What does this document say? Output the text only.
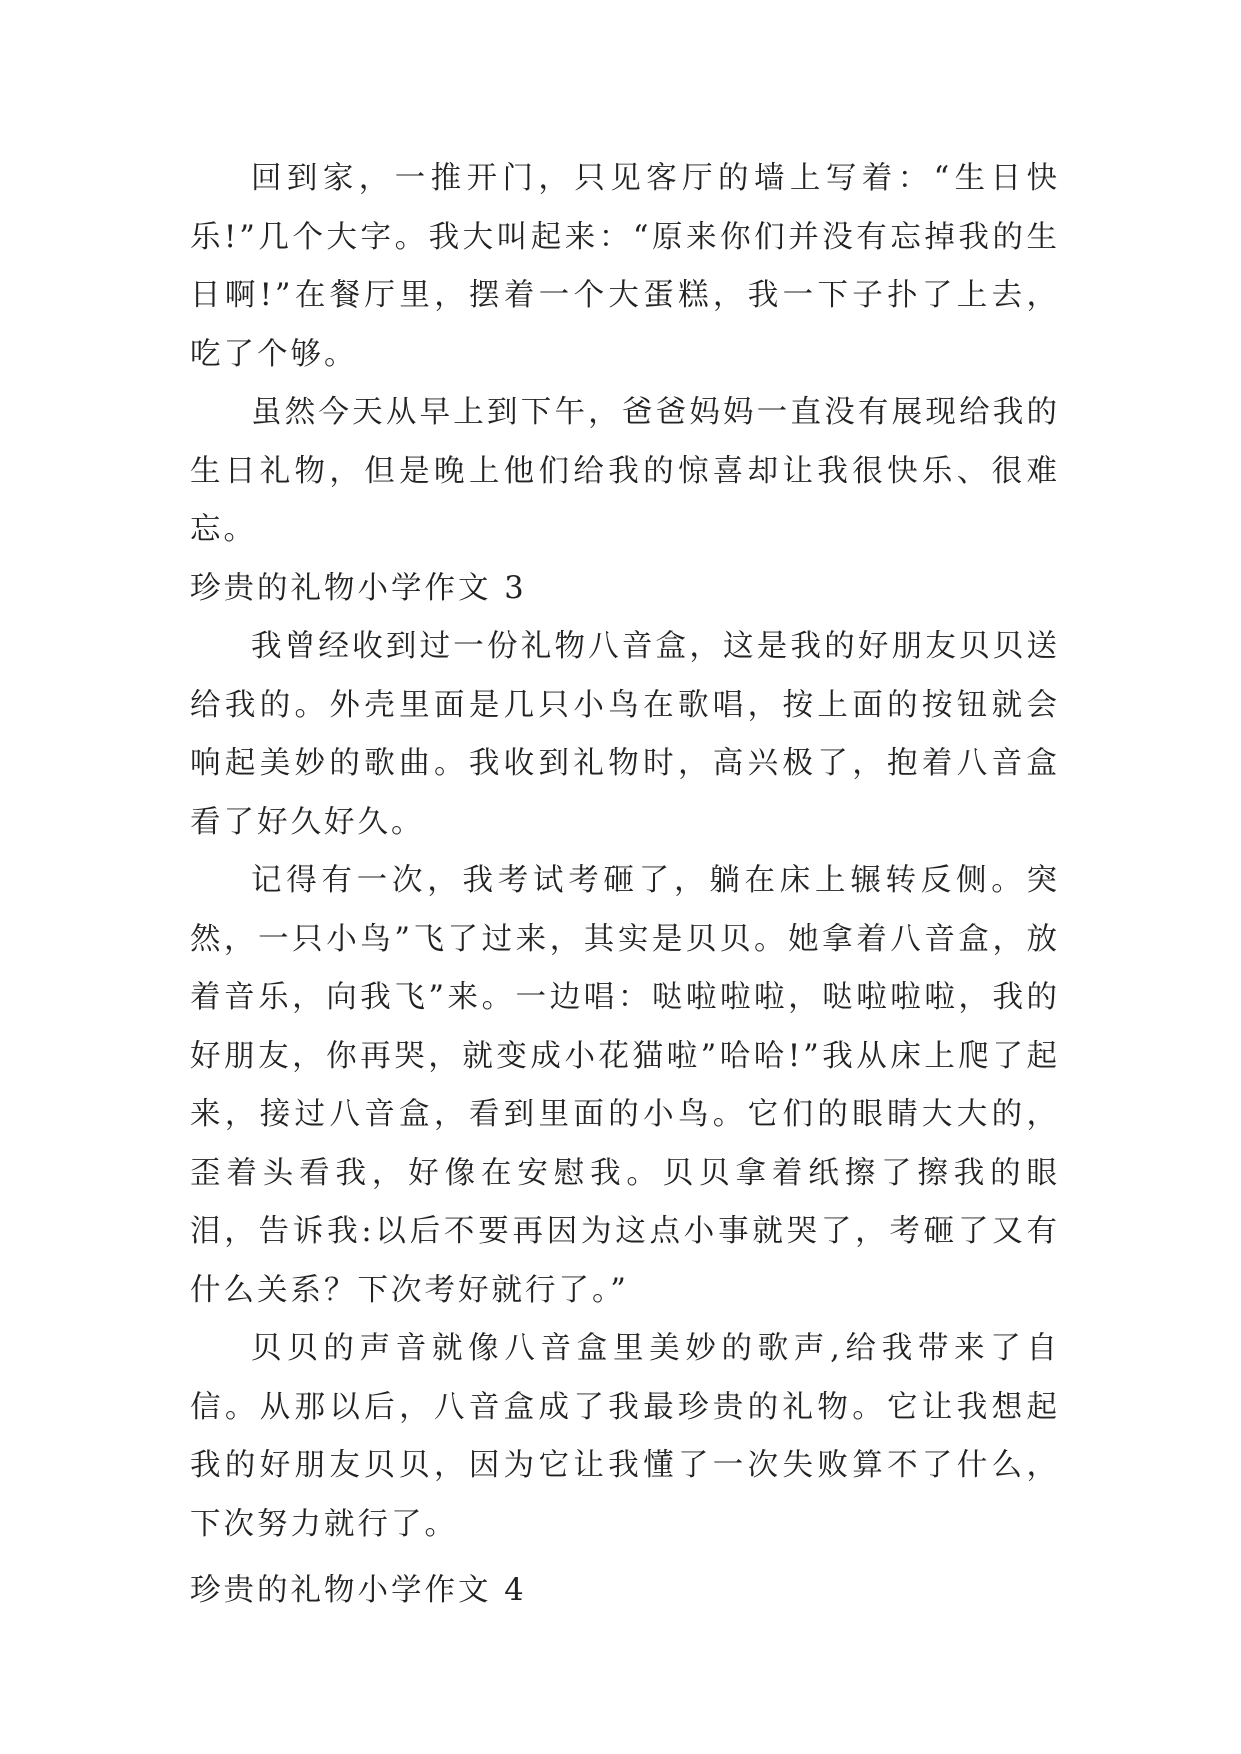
回到家，一推开门，只见客厅的墙上写着：“生日快乐!”几个大字。我大叫起来：“原来你们并没有忘掉我的生日啊!”在餐厅里，摆着一个大蛋糕，我一下子扑了上去，吃了个够。

虽然今天从早上到下午，爸爸妈妈一直没有展现给我的生日礼物，但是晚上他们给我的惊喜却让我很快乐、很难忘。

珍贵的礼物小学作文 3

我曾经收到过一份礼物八音盒，这是我的好朋友贝贝送给我的。外壳里面是几只小鸟在歌唱，按上面的按钮就会响起美妙的歌曲。我收到礼物时，高兴极了，抱着八音盒看了好久好久。

记得有一次，我考试考砸了，躺在床上辗转反侧。突然，一只小鸟”飞了过来，其实是贝贝。她拿着八音盒，放着音乐，向我飞”来。一边唱：哒啦啦啦，哒啦啦啦，我的好朋友，你再哭，就变成小花猫啦”哈哈!”我从床上爬了起来，接过八音盒，看到里面的小鸟。它们的眼睛大大的，歪着头看我，好像在安慰我。贝贝拿着纸擦了擦我的眼泪，告诉我:以后不要再因为这点小事就哭了，考砸了又有什么关系？下次考好就行了。”

贝贝的声音就像八音盒里美妙的歌声,给我带来了自信。从那以后，八音盒成了我最珍贵的礼物。它让我想起我的好朋友贝贝，因为它让我懂了一次失败算不了什么，下次努力就行了。

珍贵的礼物小学作文 4
